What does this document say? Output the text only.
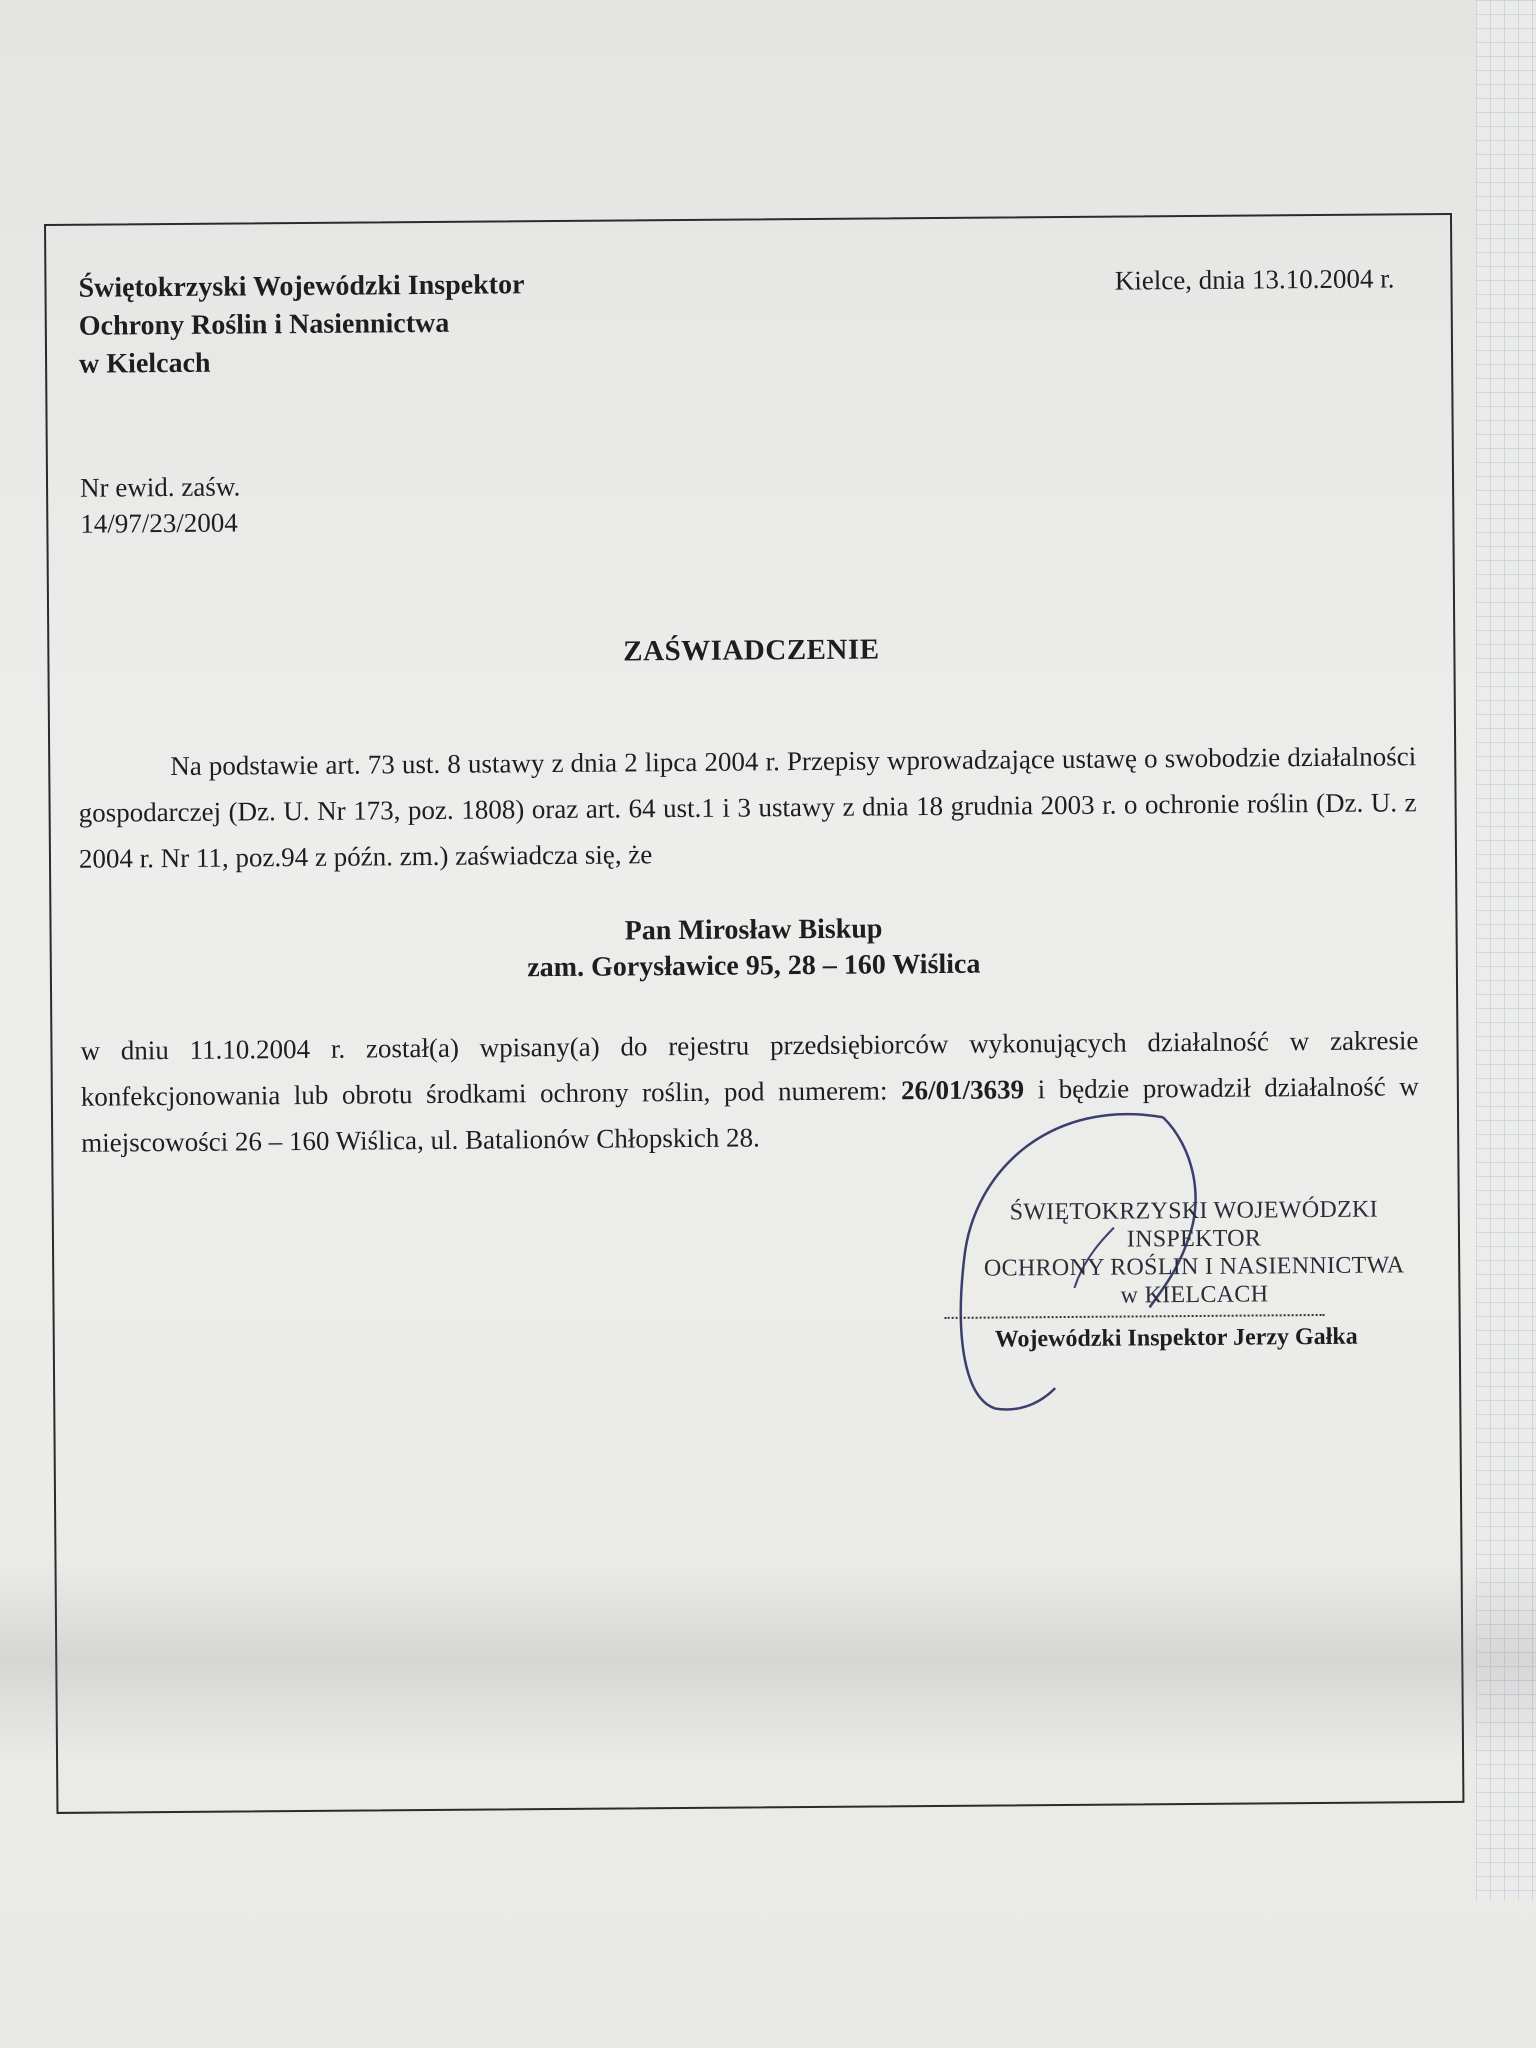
Świętokrzyski Wojewódzki Inspektor
Ochrony Roślin i Nasiennictwa
w Kielcach
Kielce, dnia 13.10.2004 r.
Nr ewid. zaśw.
14/97/23/2004
ZAŚWIADCZENIE
Na podstawie art. 73 ust. 8 ustawy z dnia 2 lipca 2004 r. Przepisy wprowadzające ustawę o swobodzie działalności gospodarczej (Dz. U. Nr 173, poz. 1808) oraz art. 64 ust.1 i 3 ustawy z dnia 18 grudnia 2003 r. o ochronie roślin (Dz. U. z 2004 r. Nr 11, poz.94 z późn. zm.) zaświadcza się, że
Pan Mirosław Biskup
zam. Gorysławice 95, 28 – 160 Wiślica
w dniu 11.10.2004 r. został(a) wpisany(a) do rejestru przedsiębiorców wykonujących działalność w zakresie konfekcjonowania lub obrotu środkami ochrony roślin, pod numerem: 26/01/3639 i będzie prowadził działalność w miejscowości 26 – 160 Wiślica, ul. Batalionów Chłopskich 28.
ŚWIĘTOKRZYSKI WOJEWÓDZKI INSPEKTOR
OCHRONY ROŚLIN I NASIENNICTWA
w KIELCACH
Wojewódzki Inspektor Jerzy Gałka
